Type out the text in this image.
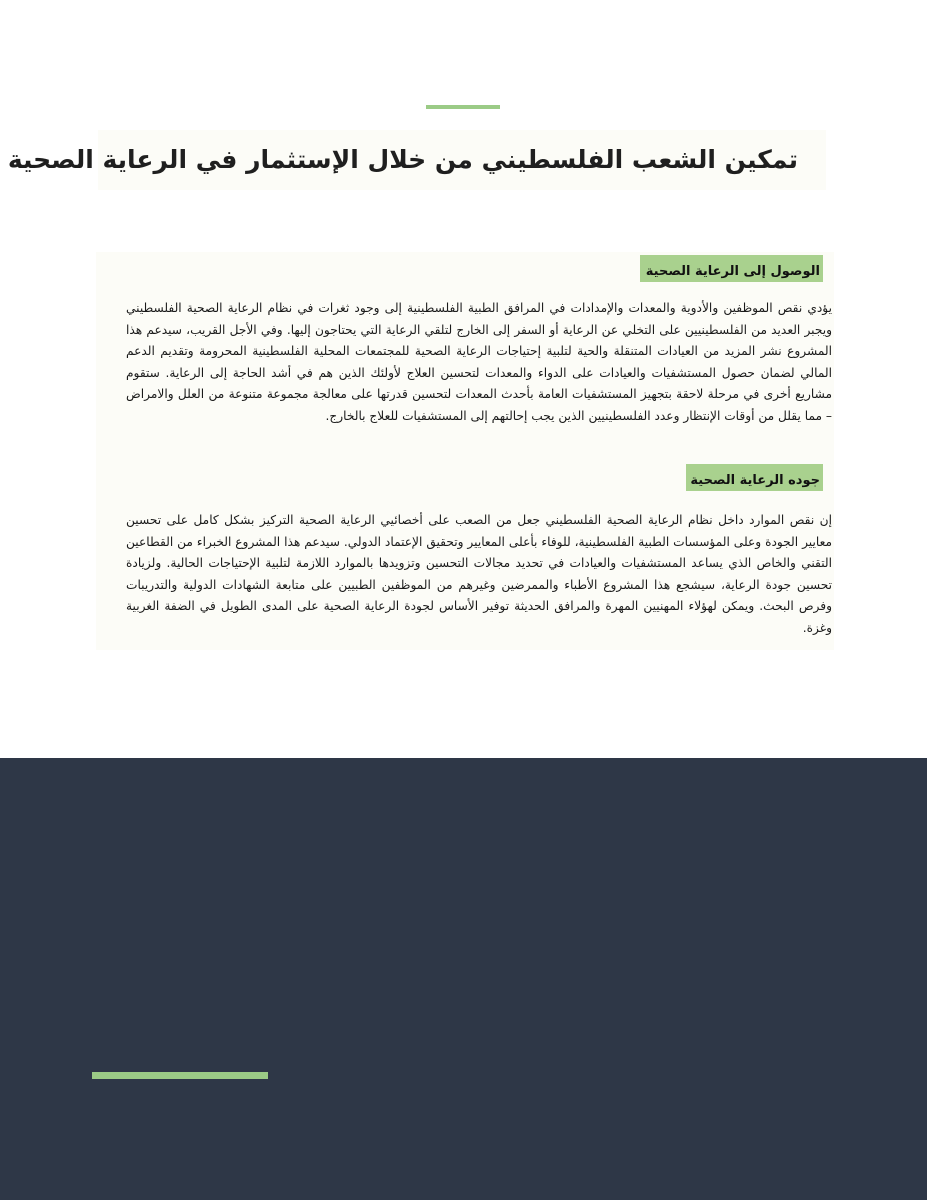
تمكين الشعب الفلسطيني من خلال الإستثمار في الرعاية الصحية
الوصول إلى الرعاية الصحية

يؤدي نقص الموظفين والأدوية والمعدات والإمدادات في المرافق الطبية الفلسطينية إلى وجود ثغرات في نظام الرعاية الصحية الفلسطيني ويجبر العديد من الفلسطينيين على التخلي عن الرعاية أو السفر إلى الخارج لتلقي الرعاية التي يحتاجون إليها. وفي الأجل القريب، سيدعم هذا المشروع نشر المزيد من العيادات المتنقلة والحية لتلبية إحتياجات الرعاية الصحية للمجتمعات المحلية الفلسطينية المحرومة وتقديم الدعم المالي لضمان حصول المستشفيات والعيادات على الدواء والمعدات لتحسين العلاج لأولئك الذين هم في أشد الحاجة إلى الرعاية. ستقوم مشاريع أخرى في مرحلة لاحقة بتجهيز المستشفيات العامة بأحدث المعدات لتحسين قدرتها على معالجة مجموعة متنوعة من العلل والامراض – مما يقلل من أوقات الإنتظار وعدد الفلسطينيين الذين يجب إحالتهم إلى المستشفيات للعلاج بالخارج.

جوده الرعاية الصحية

إن نقص الموارد داخل نظام الرعاية الصحية الفلسطيني جعل من الصعب على أخصائيي الرعاية الصحية التركيز بشكل كامل على تحسين معايير الجودة وعلى المؤسسات الطبية الفلسطينية، للوفاء بأعلى المعايير وتحقيق الإعتماد الدولي. سيدعم هذا المشروع الخبراء من القطاعين التقني والخاص الذي يساعد المستشفيات والعيادات في تحديد مجالات التحسين وتزويدها بالموارد اللازمة لتلبية الإحتياجات الحالية. ولزيادة تحسين جودة الرعاية، سيشجع هذا المشروع الأطباء والممرضين وغيرهم من الموظفين الطبيين على متابعة الشهادات الدولية والتدريبات وفرص البحث. ويمكن لهؤلاء المهنيين المهرة والمرافق الحديثة توفير الأساس لجودة الرعاية الصحية على المدى الطويل في الضفة الغربية وغزة.
